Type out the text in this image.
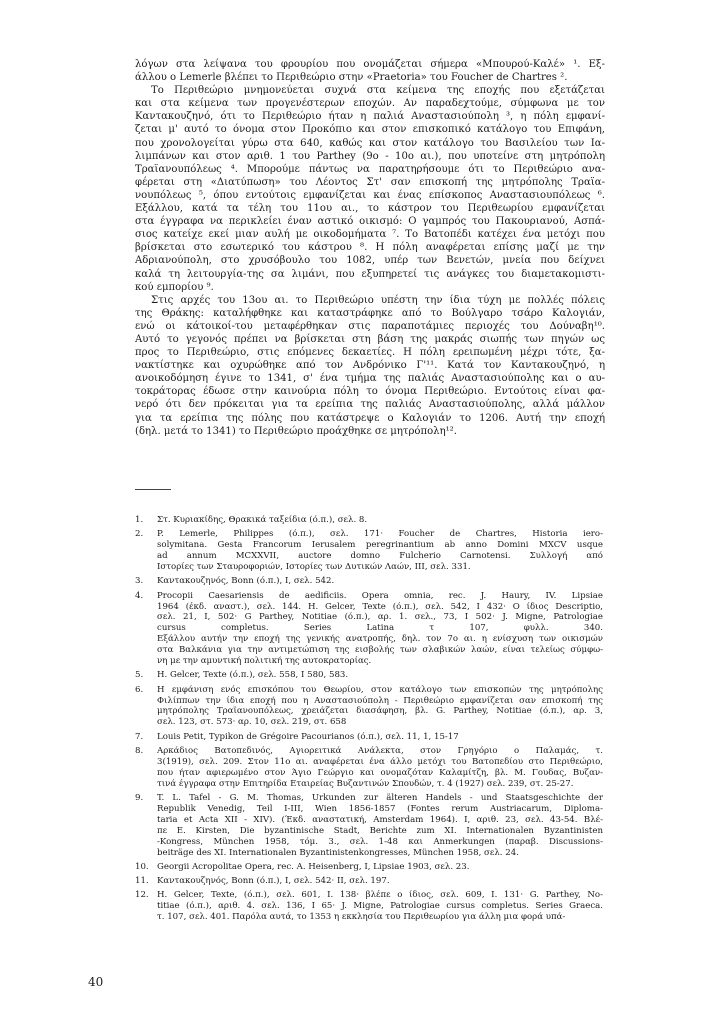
λόγων στα λείψανα του φρουρίου που ονομάζεται σήμερα «Μπουρού-Καλέ» ¹. Εξ-
άλλου ο Lemerle βλέπει το Περιθεώριο στην «Praetoria» του Foucher de Chartres ².
Το Περιθεώριο μνημονεύεται συχνά στα κείμενα της εποχής που εξετάζεται
και στα κείμενα των προγενέστερων εποχών. Αν παραδεχτούμε, σύμφωνα με τον
Καντακουζηνό, ότι το Περιθεώριο ήταν η παλιά Αναστασιούπολη ³, η πόλη εμφανί-
ζεται μ' αυτό το όνομα στον Προκόπιο και στον επισκοπικό κατάλογο του Επιφάνη,
που χρονολογείται γύρω στα 640, καθώς και στον κατάλογο του Βασιλείου των Ια-
λιμπάνων και στον αριθ. 1 του Parthey (9ο - 10ο αι.), που υποτείνε στη μητρόπολη
Τραϊανουπόλεως ⁴. Μπορούμε πάντως να παρατηρήσουμε ότι το Περιθεώριο ανα-
φέρεται στη «Διατύπωση» του Λέοντος Στ' σαν επισκοπή της μητρόπολης Τραϊα-
νουπόλεως ⁵, όπου εντούτοις εμφανίζεται και ένας επίσκοπος Αναστασιουπόλεως ⁶.
Εξάλλου, κατά τα τέλη του 11ου αι., το κάστρον του Περιθεωρίου εμφανίζεται
στα έγγραφα να περικλείει έναν αστικό οικισμό: Ο γαμπρός του Πακουριανού, Ασπά-
σιος κατείχε εκεί μιαν αυλή με οικοδομήματα ⁷. Το Βατοπέδι κατέχει ένα μετόχι που
βρίσκεται στο εσωτερικό του κάστρου ⁸. Η πόλη αναφέρεται επίσης μαζί με την
Αδριανούπολη, στο χρυσόβουλο του 1082, υπέρ των Βενετών, μνεία που δείχνει
καλά τη λειτουργία-της σα λιμάνι, που εξυπηρετεί τις ανάγκες του διαμετακομιστι-
κού εμπορίου ⁹.
Στις αρχές του 13ου αι. το Περιθεώριο υπέστη την ίδια τύχη με πολλές πόλεις
της Θράκης: καταλήφθηκε και καταστράφηκε από το Βούλγαρο τσάρο Καλογιάν,
ενώ οι κάτοικοί-του μεταφέρθηκαν στις παραποτάμιες περιοχές του Δούναβη¹⁰.
Αυτό το γεγονός πρέπει να βρίσκεται στη βάση της μακράς σιωπής των πηγών ως
προς το Περιθεώριο, στις επόμενες δεκαετίες. Η πόλη ερειπωμένη μέχρι τότε, ξα-
νακτίστηκε και οχυρώθηκε από τον Ανδρόνικο Γ'¹¹. Κατά τον Καντακουζηνό, η
ανοικοδόμηση έγινε το 1341, σ' ένα τμήμα της παλιάς Αναστασιούπολης και ο αυ-
τοκράτορας έδωσε στην καινούρια πόλη το όνομα Περιθεώριο. Εντούτοις είναι φα-
νερό ότι δεν πρόκειται για τα ερείπια της παλιάς Αναστασιούπολης, αλλά μάλλον
για τα ερείπια της πόλης που κατάστρεψε ο Καλογιάν το 1206. Αυτή την εποχή
(δηλ. μετά το 1341) το Περιθεώριο προάχθηκε σε μητρόπολη¹².
1.	Στ. Κυριακίδης, Θρακικά ταξείδια (ό.π.), σελ. 8.
2.	P. Lemerle, Philippes (ό.π.), σελ. 171· Foucher de Chartres, Historia iero-
solymitana. Gesta Francorum Ierusalem peregrinantium ab anno Domini MXCV usque
ad annum MCXXVII, auctore domno Fulcherio Carnotensi. Συλλογή από
Ιστορίες των Σταυροφοριών, Ιστορίες των Δυτικών Λαών, III, σελ. 331.
3.	Καντακουζηνός, Bonn (ό.π.), I, σελ. 542.
4.	Procopii Caesariensis de aedificiis. Opera omnia, rec. J. Haury, IV. Lipsiae
1964 (έκδ. αναστ.), σελ. 144. H. Gelcer, Texte (ό.π.), σελ. 542, I 432· Ο ίδιος Descriptio,
σελ. 21, I, 502· G Parthey, Notitiae (ό.π.), αρ. 1. σελ., 73, I 502· J. Migne, Patrologiae
cursus completus. Series Latina τ 107, φυλλ. 340.
Εξάλλου αυτήν την εποχή της γενικής ανατροπής, δηλ. τον 7ο αι. η ενίσχυση των οικισμών
στα Βαλκάνια για την αντιμετώπιση της εισβολής των σλαβικών λαών, είναι τελείως σύμφω-
νη με την αμυντική πολιτική της αυτοκρατορίας.
5.	H. Gelcer, Texte (ό.π.), σελ. 558, I 580, 583.
6.	Η εμφάνιση ενός επισκόπου του Θεωρίου, στον κατάλογο των επισκοπών της μητρόπολης
Φιλίππων την ίδια εποχή που η Αναστασιούπολη - Περιθεώριο εμφανίζεται σαν επισκοπή της
μητρόπολης Τραϊανουπόλεως, χρειάζεται διασάφηση, βλ. G. Parthey, Notitiae (ό.π.), αρ. 3,
σελ. 123, στ. 573· αρ. 10, σελ. 219, στ. 658
7.	Louis Petit, Typikon de Grégoire Pacourianos (ό.π.), σελ. 11, 1, 15-17
8.	Αρκάδιος Βατοπεδινός, Αγιορειτικά Ανάλεκτα, στον Γρηγόριο ο Παλαμάς, τ.
3(1919), σελ. 209. Στον 11ο αι. αναφέρεται ένα άλλο μετόχι του Βατοπεδίου στο Περιθεώριο,
που ήταν αφιερωμένο στον Άγιο Γεώργιο και ονομαζόταν Καλαμίτζη, βλ. Μ. Γουδας, Βυζαν-
τινά έγγραφα στην Επιτηρίδα Εταιρείας Βυζαντινών Σπουδών, τ. 4 (1927) σελ. 239, στ. 25-27.
9.	T. L. Tafel - G. M. Thomas, Urkunden zur älteren Handels - und Staatsgeschichte der
Republik Venedig, Teil I-III, Wien 1856-1857 (Fontes rerum Austriacarum, Diploma-
taria et Acta XII - XIV). (Έκδ. αναστατική, Amsterdam 1964). I, αριθ. 23, σελ. 43-54. Βλέ-
πε E. Kirsten, Die byzantinische Stadt, Berichte zum XI. Internationalen Byzantinisten
-Kongress, München 1958, τόμ. 3., σελ. 1-48 και Anmerkungen (παραβ. Discussions-
beiträge des XI. Internationalen Byzantinistenkongresses, München 1958, σελ. 24.
10. Georgii Acropolitae Opera, rec. A. Heisenberg, I, Lipsiae 1903, σελ. 23.
11. Καντακουζηνός, Bonn (ό.π.), I, σελ. 542· II, σελ. 197.
12. H. Gelcer, Texte, (ό.π.), σελ. 601, I. 138· βλέπε ο ίδιος, σελ. 609, I. 131· G. Parthey, No-
titiae (ό.π.), αριθ. 4. σελ. 136, I 65· J. Migne, Patrologiae cursus completus. Series Graeca.
τ. 107, σελ. 401. Παρόλα αυτά, το 1353 η εκκλησία του Περιθεωρίου για άλλη μια φορά υπά-
40
